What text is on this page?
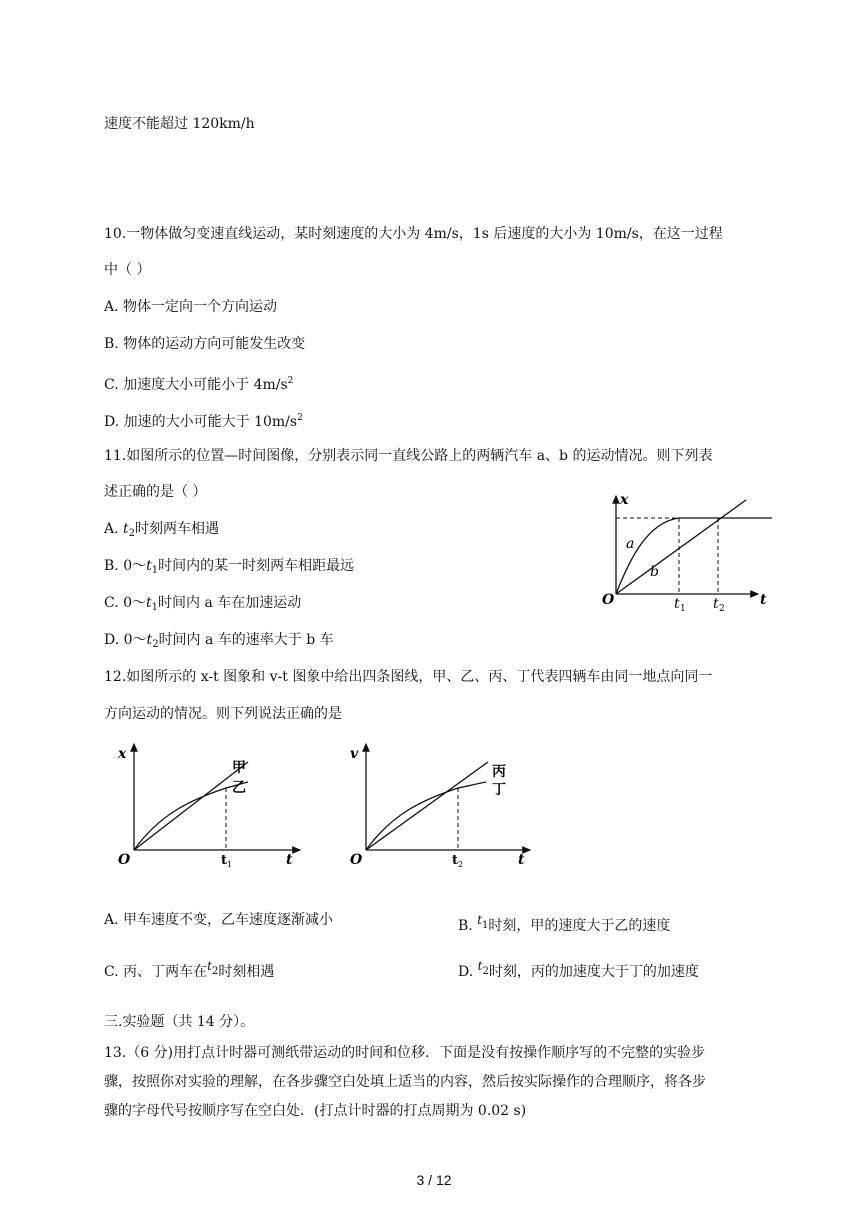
速度不能超过 120km/h
10.一物体做匀变速直线运动，某时刻速度的大小为 4m/s，1s 后速度的大小为 10m/s，在这一过程
中（ ）
A. 物体一定向一个方向运动
B. 物体的运动方向可能发生改变
C. 加速度大小可能小于 $4m/s^2$
D. 加速的大小可能大于 $10m/s^2$
11.如图所示的位置—时间图像，分别表示同一直线公路上的两辆汽车 a、b 的运动情况。则下列表
述正确的是（ ）
A. $t_2$时刻两车相遇
B. $0\sim t_1$时间内的某一时刻两车相距最远
C. $0\sim t_1$时间内 a 车在加速运动
D. $0\sim t_2$时间内 a 车的速率大于 b 车
x
t
O
a
b
t 1 t 2
12.如图所示的 x-t 图象和 v-t 图象中给出四条图线，甲、乙、丙、丁代表四辆车由同一地点向同一
方向运动的情况。则下列说法正确的是
x
t
O
甲
乙
t 1
v
t
O
丙
丁
t 2
A. 甲车速度不变，乙车速度逐渐减小	B. $t^1$时刻，甲的速度大于乙的速度
C. 丙、丁两车在$t^2$时刻相遇	D. $t^2$时刻，丙的加速度大于丁的加速度
三.实验题（共 14 分）。
13.（6 分)用打点计时器可测纸带运动的时间和位移．下面是没有按操作顺序写的不完整的实验步
骤，按照你对实验的理解，在各步骤空白处填上适当的内容，然后按实际操作的合理顺序，将各步
骤的字母代号按顺序写在空白处．(打点计时器的打点周期为 0.02 s)
3 / 12
